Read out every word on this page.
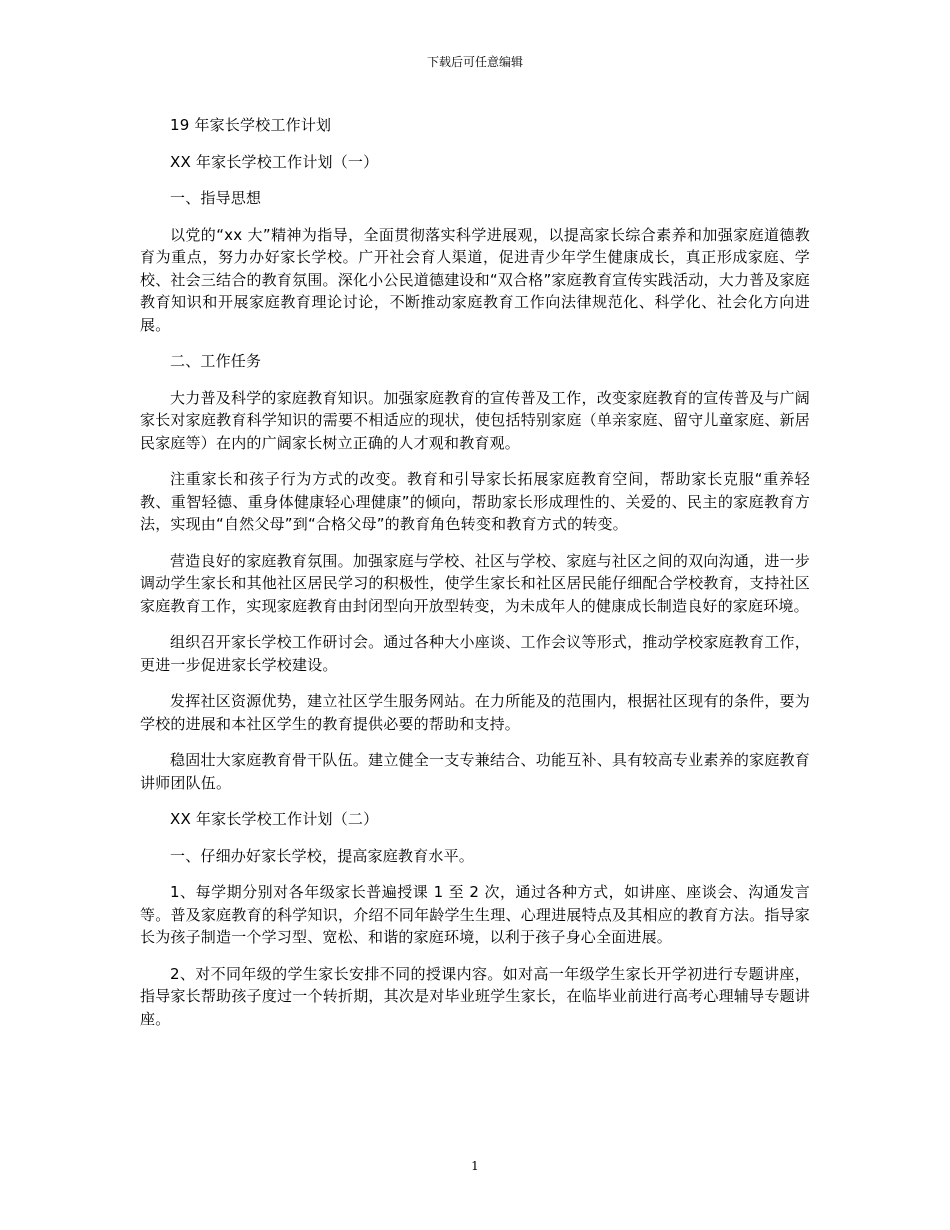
下载后可任意编辑

19 年家长学校工作计划

XX 年家长学校工作计划（一）

一、指导思想

以党的“xx 大”精神为指导，全面贯彻落实科学进展观，以提高家长综合素养和加强家庭道德教育为重点，努力办好家长学校。广开社会育人渠道，促进青少年学生健康成长，真正形成家庭、学校、社会三结合的教育氛围。深化小公民道德建设和“双合格”家庭教育宣传实践活动，大力普及家庭教育知识和开展家庭教育理论讨论，不断推动家庭教育工作向法律规范化、科学化、社会化方向进展。

二、工作任务

大力普及科学的家庭教育知识。加强家庭教育的宣传普及工作，改变家庭教育的宣传普及与广阔家长对家庭教育科学知识的需要不相适应的现状，使包括特别家庭（单亲家庭、留守儿童家庭、新居民家庭等）在内的广阔家长树立正确的人才观和教育观。

注重家长和孩子行为方式的改变。教育和引导家长拓展家庭教育空间，帮助家长克服“重养轻教、重智轻德、重身体健康轻心理健康”的倾向，帮助家长形成理性的、关爱的、民主的家庭教育方法，实现由“自然父母”到“合格父母”的教育角色转变和教育方式的转变。

营造良好的家庭教育氛围。加强家庭与学校、社区与学校、家庭与社区之间的双向沟通，进一步调动学生家长和其他社区居民学习的积极性，使学生家长和社区居民能仔细配合学校教育，支持社区家庭教育工作，实现家庭教育由封闭型向开放型转变，为未成年人的健康成长制造良好的家庭环境。

组织召开家长学校工作研讨会。通过各种大小座谈、工作会议等形式，推动学校家庭教育工作，更进一步促进家长学校建设。

发挥社区资源优势，建立社区学生服务网站。在力所能及的范围内，根据社区现有的条件，要为学校的进展和本社区学生的教育提供必要的帮助和支持。

稳固壮大家庭教育骨干队伍。建立健全一支专兼结合、功能互补、具有较高专业素养的家庭教育讲师团队伍。

XX 年家长学校工作计划（二）

一、仔细办好家长学校，提高家庭教育水平。

1、每学期分别对各年级家长普遍授课 1 至 2 次，通过各种方式，如讲座、座谈会、沟通发言等。普及家庭教育的科学知识，介绍不同年龄学生生理、心理进展特点及其相应的教育方法。指导家长为孩子制造一个学习型、宽松、和谐的家庭环境，以利于孩子身心全面进展。

2、对不同年级的学生家长安排不同的授课内容。如对高一年级学生家长开学初进行专题讲座，指导家长帮助孩子度过一个转折期，其次是对毕业班学生家长，在临毕业前进行高考心理辅导专题讲座。

1
